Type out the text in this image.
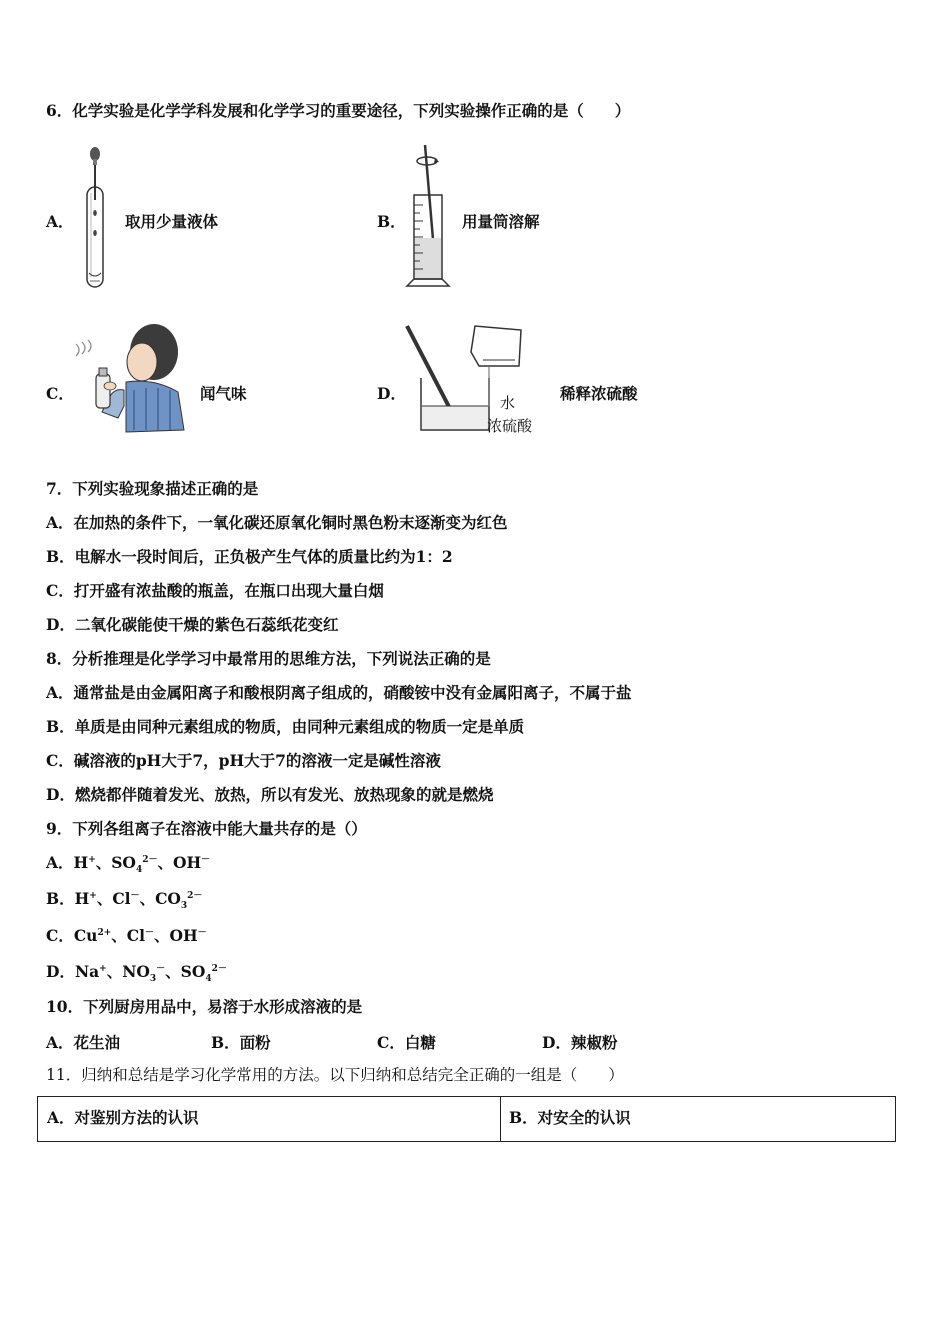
6．化学实验是化学学科发展和化学学习的重要途径，下列实验操作正确的是（　　）
A．	取用少量液体	B．	用量筒溶解
C．	闻气味	D．	水
浓硫酸
稀释浓硫酸
7．下列实验现象描述正确的是
A．在加热的条件下，一氧化碳还原氧化铜时黑色粉末逐渐变为红色
B．电解水一段时间后，正负极产生气体的质量比约为1：2
C．打开盛有浓盐酸的瓶盖，在瓶口出现大量白烟
D．二氧化碳能使干燥的紫色石蕊纸花变红
8．分析推理是化学学习中最常用的思维方法，下列说法正确的是
A．通常盐是由金属阳离子和酸根阴离子组成的，硝酸铵中没有金属阳离子，不属于盐
B．单质是由同种元素组成的物质，由同种元素组成的物质一定是单质
C．碱溶液的pH大于7，pH大于7的溶液一定是碱性溶液
D．燃烧都伴随着发光、放热，所以有发光、放热现象的就是燃烧
9．下列各组离子在溶液中能大量共存的是（）
A．H+、$SO_4^{2-}$、OH－
B．H+、Cl－、$CO_3^{2-}$
C．$Cu^{2+}$、Cl－、OH－
D．Na+、$NO_3^-$、$SO_4^{2-}$
10．下列厨房用品中，易溶于水形成溶液的是
A．花生油	B．面粉	C．白糖	D．辣椒粉
11．归纳和总结是学习化学常用的方法。以下归纳和总结完全正确的一组是（　　）
A．对鉴别方法的认识	B．对安全的认识
